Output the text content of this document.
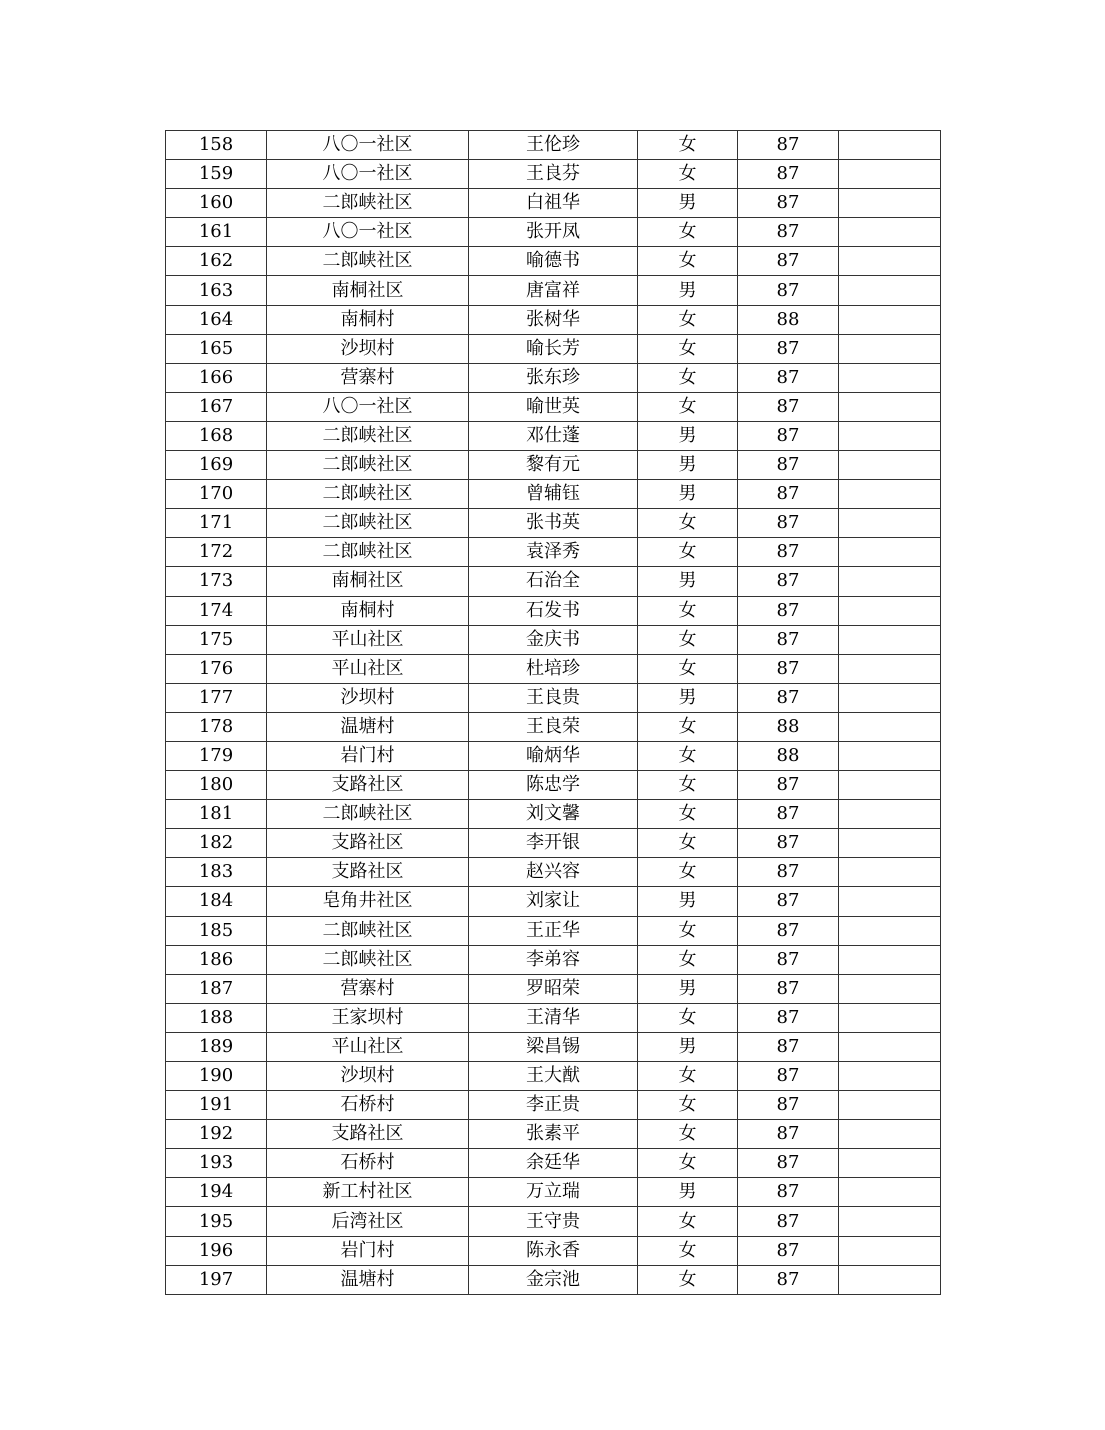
158	八〇一社区	王伦珍	女	87	
159	八〇一社区	王良芬	女	87	
160	二郎峡社区	白祖华	男	87	
161	八〇一社区	张开凤	女	87	
162	二郎峡社区	喻德书	女	87	
163	南桐社区	唐富祥	男	87	
164	南桐村	张树华	女	88	
165	沙坝村	喻长芳	女	87	
166	营寨村	张东珍	女	87	
167	八〇一社区	喻世英	女	87	
168	二郎峡社区	邓仕蓬	男	87	
169	二郎峡社区	黎有元	男	87	
170	二郎峡社区	曾辅钰	男	87	
171	二郎峡社区	张书英	女	87	
172	二郎峡社区	袁泽秀	女	87	
173	南桐社区	石治全	男	87	
174	南桐村	石发书	女	87	
175	平山社区	金庆书	女	87	
176	平山社区	杜培珍	女	87	
177	沙坝村	王良贵	男	87	
178	温塘村	王良荣	女	88	
179	岩门村	喻炳华	女	88	
180	支路社区	陈忠学	女	87	
181	二郎峡社区	刘文馨	女	87	
182	支路社区	李开银	女	87	
183	支路社区	赵兴容	女	87	
184	皂角井社区	刘家让	男	87	
185	二郎峡社区	王正华	女	87	
186	二郎峡社区	李弟容	女	87	
187	营寨村	罗昭荣	男	87	
188	王家坝村	王清华	女	87	
189	平山社区	梁昌锡	男	87	
190	沙坝村	王大猷	女	87	
191	石桥村	李正贵	女	87	
192	支路社区	张素平	女	87	
193	石桥村	余廷华	女	87	
194	新工村社区	万立瑞	男	87	
195	后湾社区	王守贵	女	87	
196	岩门村	陈永香	女	87	
197	温塘村	金宗池	女	87	
